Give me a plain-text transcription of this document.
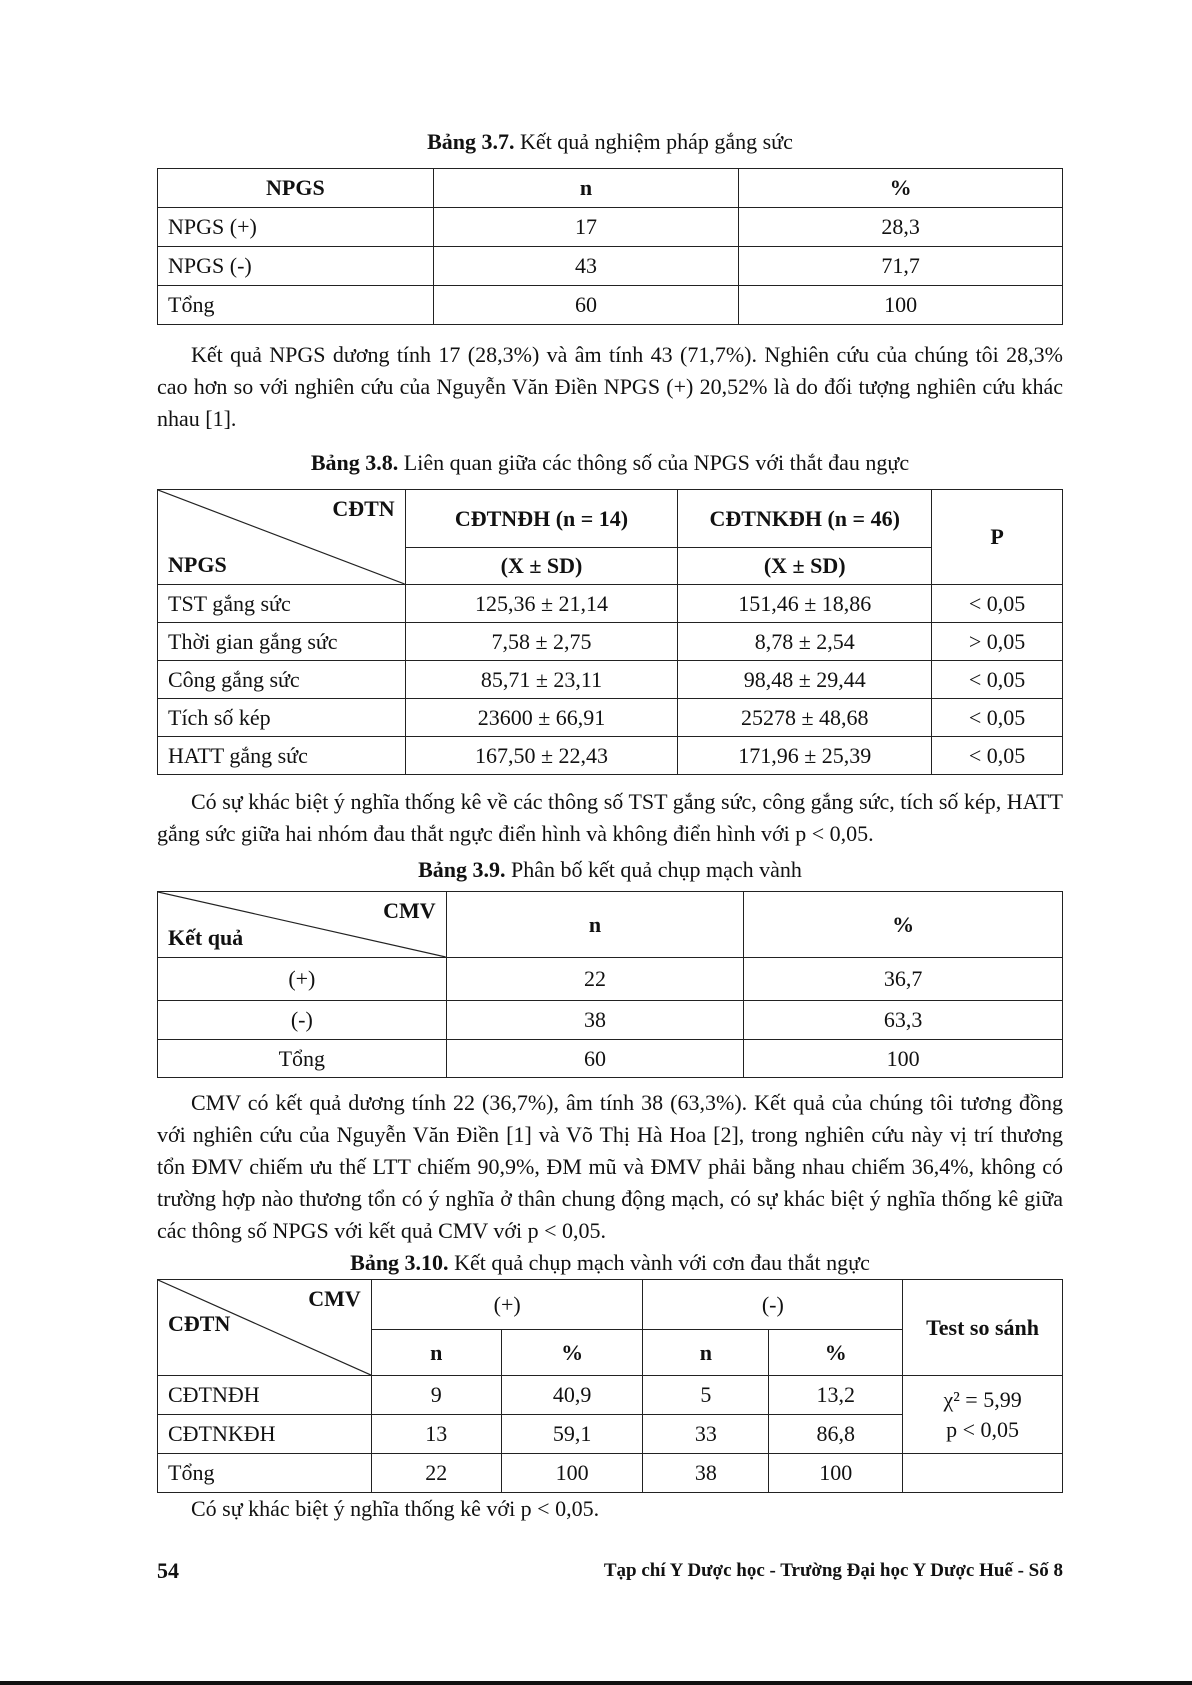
Bảng 3.7. Kết quả nghiệm pháp gắng sức
NPGS	n	%
NPGS (+)	17	28,3
NPGS (-)	43	71,7
Tổng	60	100
Kết quả NPGS dương tính 17 (28,3%) và âm tính 43 (71,7%). Nghiên cứu của chúng tôi 28,3% cao hơn so với nghiên cứu của Nguyễn Văn Điền NPGS (+) 20,52% là do đối tượng nghiên cứu khác nhau [1].
Bảng 3.8. Liên quan giữa các thông số của NPGS với thắt đau ngực
CĐTN
NPGS	CĐTNĐH (n = 14)	CĐTNKĐH (n = 46)	P
	(X ± SD)	(X ± SD)	
TST gắng sức	125,36 ± 21,14	151,46 ± 18,86	< 0,05
Thời gian gắng sức	7,58 ± 2,75	8,78 ± 2,54	> 0,05
Công gắng sức	85,71 ± 23,11	98,48 ± 29,44	< 0,05
Tích số kép	23600 ± 66,91	25278 ± 48,68	< 0,05
HATT gắng sức	167,50 ± 22,43	171,96 ± 25,39	< 0,05
Có sự khác biệt ý nghĩa thống kê về các thông số TST gắng sức, công gắng sức, tích số kép, HATT gắng sức giữa hai nhóm đau thắt ngực điển hình và không điển hình với p < 0,05.
Bảng 3.9. Phân bố kết quả chụp mạch vành
CMV
Kết quả	n	%
(+)	22	36,7
(-)	38	63,3
Tổng	60	100
CMV có kết quả dương tính 22 (36,7%), âm tính 38 (63,3%). Kết quả của chúng tôi tương đồng với nghiên cứu của Nguyễn Văn Điền [1] và Võ Thị Hà Hoa [2], trong nghiên cứu này vị trí thương tổn ĐMV chiếm ưu thế LTT chiếm 90,9%, ĐM mũ và ĐMV phải bằng nhau chiếm 36,4%, không có trường hợp nào thương tổn có ý nghĩa ở thân chung động mạch, có sự khác biệt ý nghĩa thống kê giữa các thông số NPGS với kết quả CMV với p < 0,05.
Bảng 3.10. Kết quả chụp mạch vành với cơn đau thắt ngực
CMV
CĐTN	(+)		(-)		Test so sánh
	n	%	n	%	
CĐTNĐH	9	40,9	5	13,2	χ² = 5,99
p < 0,05

CĐTNKĐH	13	59,1	33	86,8	
Tổng	22	100	38	100	
Có sự khác biệt ý nghĩa thống kê với p < 0,05.
54	Tạp chí Y Dược học - Trường Đại học Y Dược Huế - Số 8
